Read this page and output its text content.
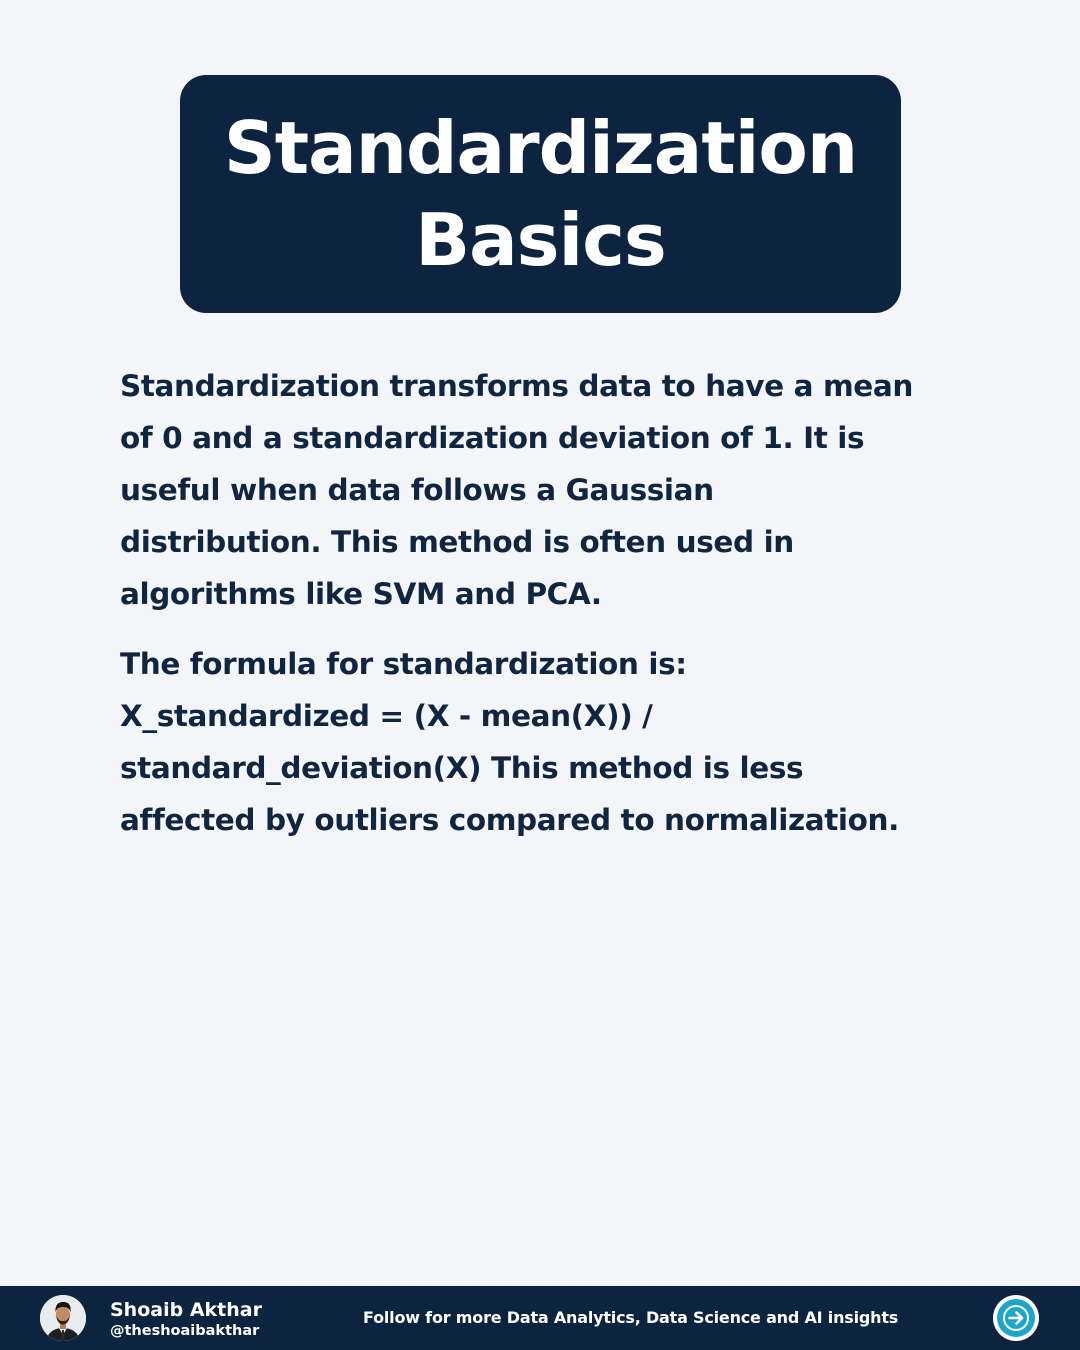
Standardization
Basics

Standardization transforms data to have a mean
of 0 and a standardization deviation of 1. It is
useful when data follows a Gaussian
distribution. This method is often used in
algorithms like SVM and PCA.

The formula for standardization is:
X_standardized = (X - mean(X)) /
standard_deviation(X) This method is less
affected by outliers compared to normalization.

Shoaib Akthar
@theshoaibakthar
Follow for more Data Analytics, Data Science and AI insights
